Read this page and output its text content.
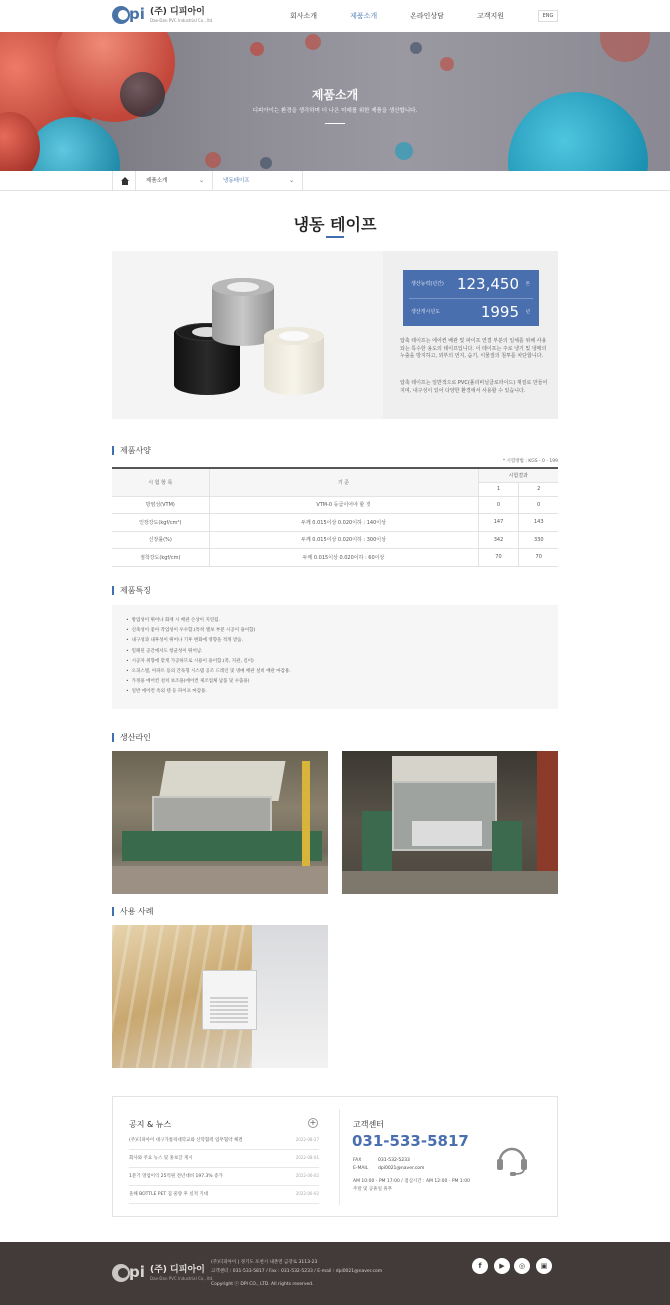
pi (주) 디피아이
Dae-Dan PVC Industrial Co., ltd.	회사소개	제품소개	온라인상담	고객지원	ENG
제품소개
디피아이는 환경을 생각하며 더 나은 미래를 위한 제품을 생산합니다.
제품소개	⌄	냉동테이프	⌄
냉동 테이프
생산능력(년간) 123,450 톤
생산개시년도	1995 년
압축 테이프는 에어컨 배관 및 파이프 연결 부분의 일체를 위해 사용되는 특수한 용도의 테이프입니다. 이 테이프는 주로 냉기 및 냉매의 누출을 방지하고, 외부의 먼지, 습기, 이물질의 침투를 차단합니다.
압축 테이프는 일반적으로 PVC(폴리비닐클로라이드) 재질로 만들어지며, 내구성이 있어 다양한 환경에서 사용할 수 있습니다.
제품사양
* 시험방법 : KGS - 0 - 199
시 험 항 목	기 준	시험결과	
		1	2
방염성(VTM)	VTM-0 등급이어야 할 것	0	0
인장강도(kgf/cm²)	두께 0.015이상 0.020이하 : 140이상	147	143
신장률(%)	두께 0.015이상 0.020이하 : 300이상	342	330
점착강도(kgf/cm)	두께 0.015이상 0.020이하 : 60이상	70	70
제품특징
• 방염성이 뛰어나 화재 시 배관 손상이 지연됨.
• 신축성이 좋아 작업성이 우수함.(특히 엘보 부분 시공이 용이함)
• 내구성과 내후성이 뛰어나 기후 변화에 영향을 적게 받음.
• 밀폐된 공간에서도 항균성이 뛰어남.
• 시공자 취향에 맞게 가공하므로 시용이 용이함.(폭, 지관, 길이)
• 오피스텔, 아파트 등의 간독형 시스템 공조 드레인 및 냉매 배관 설비 배관 마감용.
• 가정용 에어컨 설치 보조용(에어컨 제조업체 납품 및 수출용)
• 일반 에어컨 옥외 텐 등 파이프 마감용.
생산라인
사용 사례
공지 & 뉴스	+
(주)디피아이 대구가톨릭대학교와 산학협력 업무협약 체결	2022-08-27
회사와 주요 뉴스 및 홍보글 게시	2022-08-01
1분기 영업이익 25억원 전년대비 197.3% 증가	2022-06-02
올해 BOTTLE PET 칩 물량 후 실적 기대	2022-06-02
고객센터
031-533-5817
FAX	031-532-5233
E-MAIL dpi0021@naver.com
AM 10:00 - PM 17:00 / 점심시간 : AM 12:00 - PM 1:00
주말 및 공휴일 휴무
pi (주) 디피아이
Dae-Dan PVC Industrial Co., ltd.
(주)디피아이 | 경기도 포천시 내촌면 금강로 3113-23
고객센터 : 031-533-5817 / Fax : 031-532-5233 / E-mail : dpi0021@naver.com
Copyright ⓒ DPI CO., LTD. All rights reserved.
f	▶	◎	▣
